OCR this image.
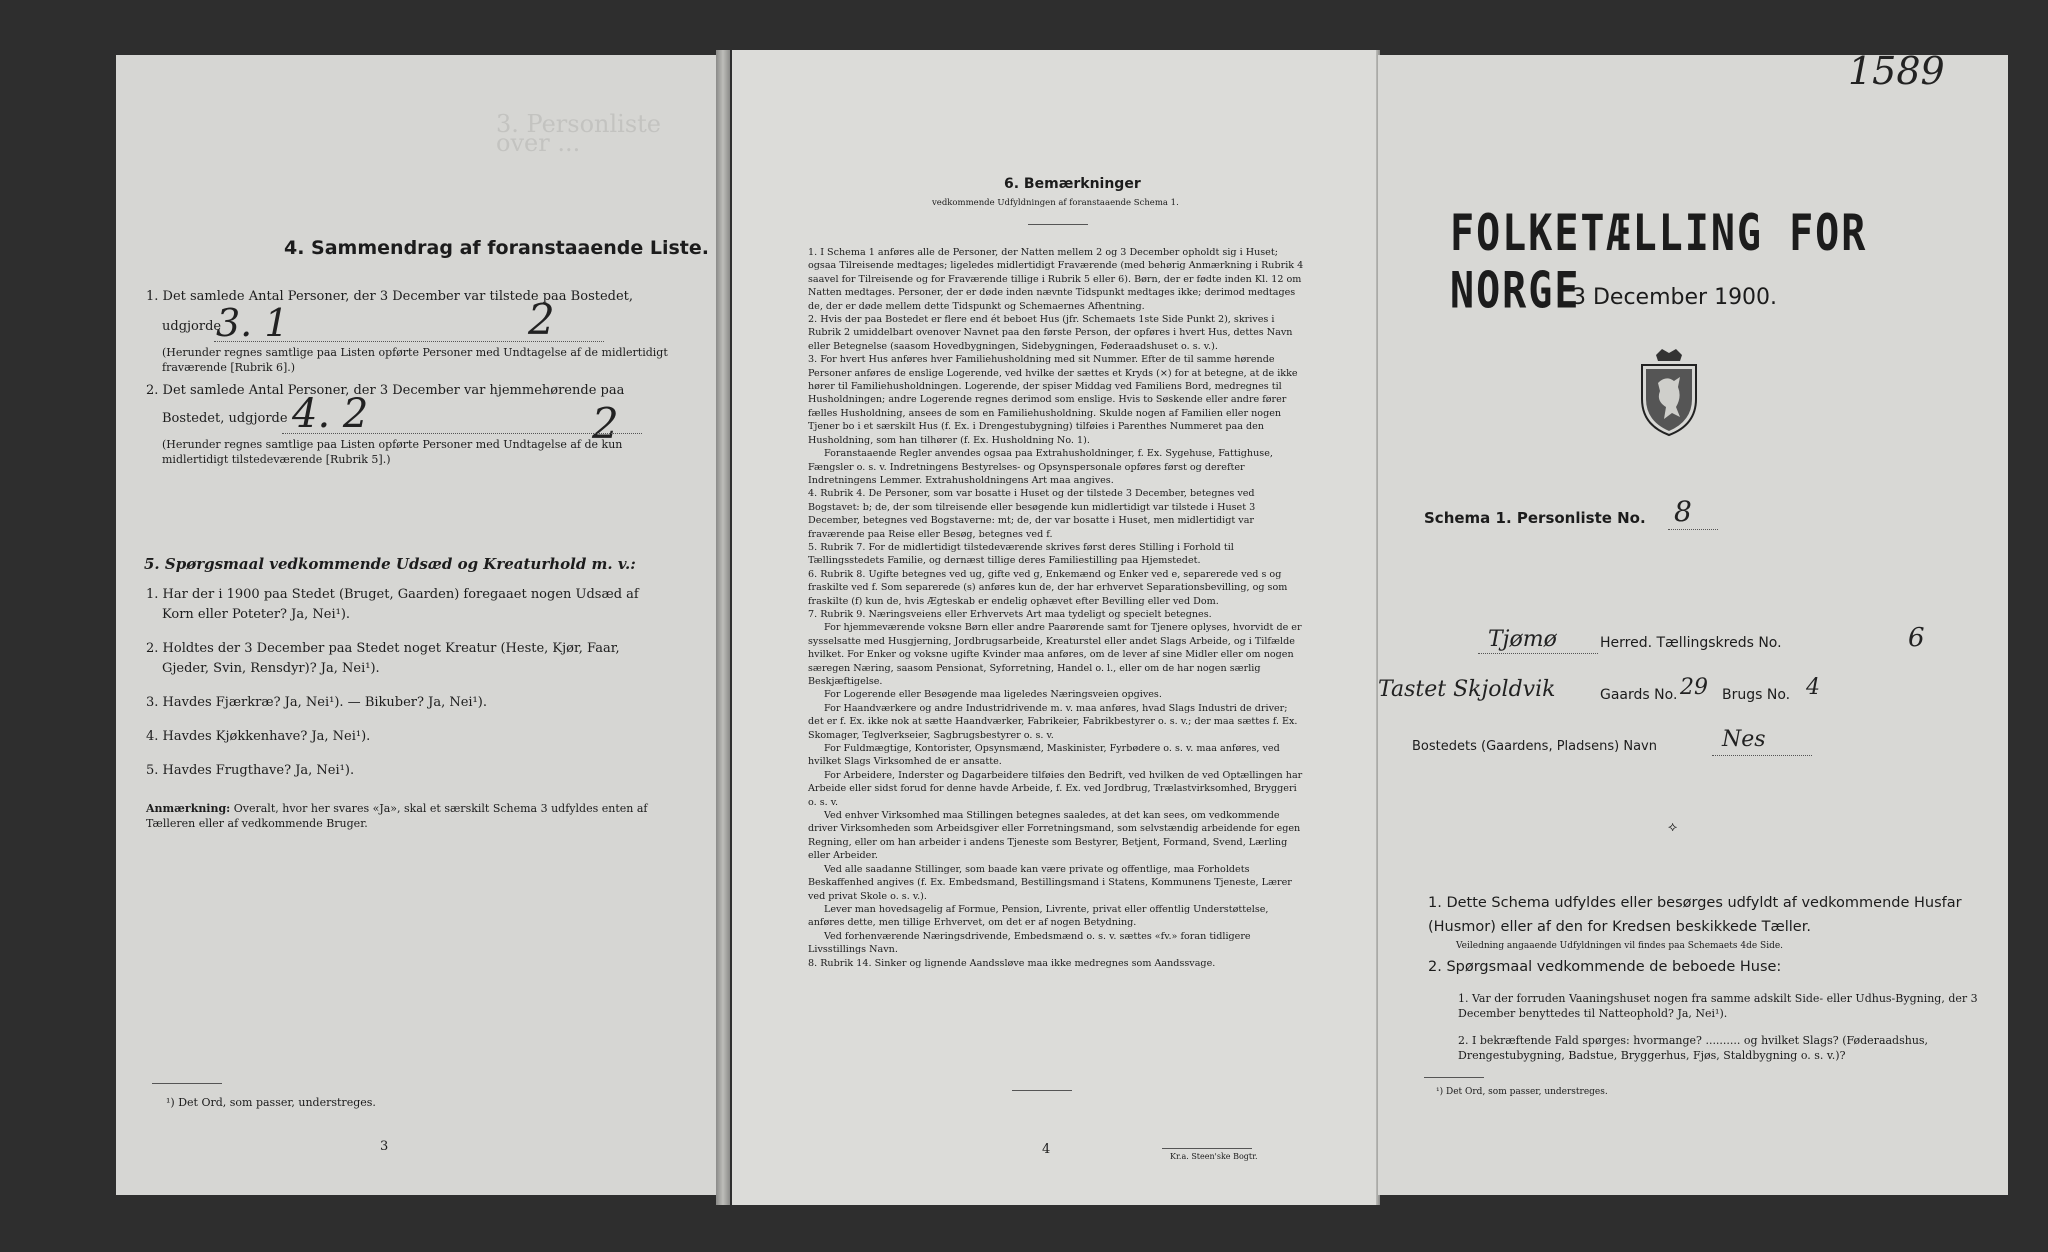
3. Personliste over ...
4. Sammendrag af foranstaaende Liste.
1. Det samlede Antal Personer, der 3 December var tilstede paa Bostedet,
udgjorde
3. 1	2
(Herunder regnes samtlige paa Listen opførte Personer med Undtagelse af de midlertidigt fraværende [Rubrik 6].)
2. Det samlede Antal Personer, der 3 December var hjemmehørende paa
Bostedet, udgjorde 4. 2	2
(Herunder regnes samtlige paa Listen opførte Personer med Undtagelse af de kun midlertidigt tilstedeværende [Rubrik 5].)
5. Spørgsmaal vedkommende Udsæd og Kreaturhold m. v.:
1. Har der i 1900 paa Stedet (Bruget, Gaarden) foregaaet nogen Udsæd af
Korn eller Poteter? Ja, Nei¹).
2. Holdtes der 3 December paa Stedet noget Kreatur (Heste, Kjør, Faar,
Gjeder, Svin, Rensdyr)? Ja, Nei¹).
3. Havdes Fjærkræ? Ja, Nei¹). — Bikuber? Ja, Nei¹).
4. Havdes Kjøkkenhave? Ja, Nei¹).
5. Havdes Frugthave? Ja, Nei¹).
Anmærkning: Overalt, hvor her svares «Ja», skal et særskilt Schema 3 udfyldes enten af Tælleren eller af vedkommende Bruger.
¹) Det Ord, som passer, understreges.
3
6. Bemærkninger
vedkommende Udfyldningen af foranstaaende Schema 1.

1. I Schema 1 anføres alle de Personer, der Natten mellem 2 og 3 December opholdt sig i Huset; ogsaa Tilreisende medtages; ligeledes midlertidigt Fraværende (med behørig Anmærkning i Rubrik 4 saavel for Tilreisende og for Fraværende tillige i Rubrik 5 eller 6). Børn, der er fødte inden Kl. 12 om Natten medtages. Personer, der er døde inden nævnte Tidspunkt medtages ikke; derimod medtages de, der er døde mellem dette Tidspunkt og Schemaernes Afhentning.

2. Hvis der paa Bostedet er flere end ét beboet Hus (jfr. Schemaets 1ste Side Punkt 2), skrives i Rubrik 2 umiddelbart ovenover Navnet paa den første Person, der opføres i hvert Hus, dettes Navn eller Betegnelse (saasom Hovedbygningen, Sidebygningen, Føderaadshuset o. s. v.).

3. For hvert Hus anføres hver Familiehusholdning med sit Nummer. Efter de til samme hørende Personer anføres de enslige Logerende, ved hvilke der sættes et Kryds (×) for at betegne, at de ikke hører til Familiehusholdningen. Logerende, der spiser Middag ved Familiens Bord, medregnes til Husholdningen; andre Logerende regnes derimod som enslige. Hvis to Søskende eller andre fører fælles Husholdning, ansees de som en Familiehusholdning. Skulde nogen af Familien eller nogen Tjener bo i et særskilt Hus (f. Ex. i Drengestubygning) tilføies i Parenthes Nummeret paa den Husholdning, som han tilhører (f. Ex. Husholdning No. 1).

Foranstaaende Regler anvendes ogsaa paa Extrahusholdninger, f. Ex. Sygehuse, Fattighuse, Fængsler o. s. v. Indretningens Bestyrelses- og Opsynspersonale opføres først og derefter Indretningens Lemmer. Extrahusholdningens Art maa angives.

4. Rubrik 4. De Personer, som var bosatte i Huset og der tilstede 3 December, betegnes ved Bogstavet: b; de, der som tilreisende eller besøgende kun midlertidigt var tilstede i Huset 3 December, betegnes ved Bogstaverne: mt; de, der var bosatte i Huset, men midlertidigt var fraværende paa Reise eller Besøg, betegnes ved f.

5. Rubrik 7. For de midlertidigt tilstedeværende skrives først deres Stilling i Forhold til Tællingsstedets Familie, og dernæst tillige deres Familiestilling paa Hjemstedet.

6. Rubrik 8. Ugifte betegnes ved ug, gifte ved g, Enkemænd og Enker ved e, separerede ved s og fraskilte ved f. Som separerede (s) anføres kun de, der har erhvervet Separationsbevilling, og som fraskilte (f) kun de, hvis Ægteskab er endelig ophævet efter Bevilling eller ved Dom.

7. Rubrik 9. Næringsveiens eller Erhvervets Art maa tydeligt og specielt betegnes.

For hjemmeværende voksne Børn eller andre Paarørende samt for Tjenere oplyses, hvorvidt de er sysselsatte med Husgjerning, Jordbrugsarbeide, Kreaturstel eller andet Slags Arbeide, og i Tilfælde hvilket. For Enker og voksne ugifte Kvinder maa anføres, om de lever af sine Midler eller om nogen særegen Næring, saasom Pensionat, Syforretning, Handel o. l., eller om de har nogen særlig Beskjæftigelse.

For Logerende eller Besøgende maa ligeledes Næringsveien opgives.

For Haandværkere og andre Industridrivende m. v. maa anføres, hvad Slags Industri de driver; det er f. Ex. ikke nok at sætte Haandværker, Fabrikeier, Fabrikbestyrer o. s. v.; der maa sættes f. Ex. Skomager, Teglverkseier, Sagbrugsbestyrer o. s. v.

For Fuldmægtige, Kontorister, Opsynsmænd, Maskinister, Fyrbødere o. s. v. maa anføres, ved hvilket Slags Virksomhed de er ansatte.

For Arbeidere, Inderster og Dagarbeidere tilføies den Bedrift, ved hvilken de ved Optællingen har Arbeide eller sidst forud for denne havde Arbeide, f. Ex. ved Jordbrug, Trælastvirksomhed, Bryggeri o. s. v.

Ved enhver Virksomhed maa Stillingen betegnes saaledes, at det kan sees, om vedkommende driver Virksomheden som Arbeidsgiver eller Forretningsmand, som selvstændig arbeidende for egen Regning, eller om han arbeider i andens Tjeneste som Bestyrer, Betjent, Formand, Svend, Lærling eller Arbeider.

Ved alle saadanne Stillinger, som baade kan være private og offentlige, maa Forholdets Beskaffenhed angives (f. Ex. Embedsmand, Bestillingsmand i Statens, Kommunens Tjeneste, Lærer ved privat Skole o. s. v.).

Lever man hovedsagelig af Formue, Pension, Livrente, privat eller offentlig Understøttelse, anføres dette, men tillige Erhvervet, om det er af nogen Betydning.

Ved forhenværende Næringsdrivende, Embedsmænd o. s. v. sættes «fv.» foran tidligere Livsstillings Navn.

8. Rubrik 14. Sinker og lignende Aandssløve maa ikke medregnes som Aandssvage.

4	Kr.a. Steen'ske Bogtr.
1589
FOLKETÆLLING FOR NORGE
3 December 1900.
Schema 1. Personliste No. 8
Tjømø	Herred. Tællingskreds No.	6
Tastet Skjoldvik	Gaards No. 29 Brugs No. 4
Bostedets (Gaardens, Pladsens) Navn	Nes
⟡
1. Dette Schema udfyldes eller besørges udfyldt af vedkommende Husfar (Husmor) eller af den for Kredsen beskikkede Tæller.
Veiledning angaaende Udfyldningen vil findes paa Schemaets 4de Side.
2. Spørgsmaal vedkommende de beboede Huse:
1. Var der forruden Vaaningshuset nogen fra samme adskilt Side- eller Udhus-Bygning, der 3 December benyttedes til Natteophold? Ja, Nei¹).
2. I bekræftende Fald spørges: hvormange? .......... og hvilket Slags? (Føderaadshus, Drengestubygning, Badstue, Bryggerhus, Fjøs, Staldbygning o. s. v.)?
¹) Det Ord, som passer, understreges.
